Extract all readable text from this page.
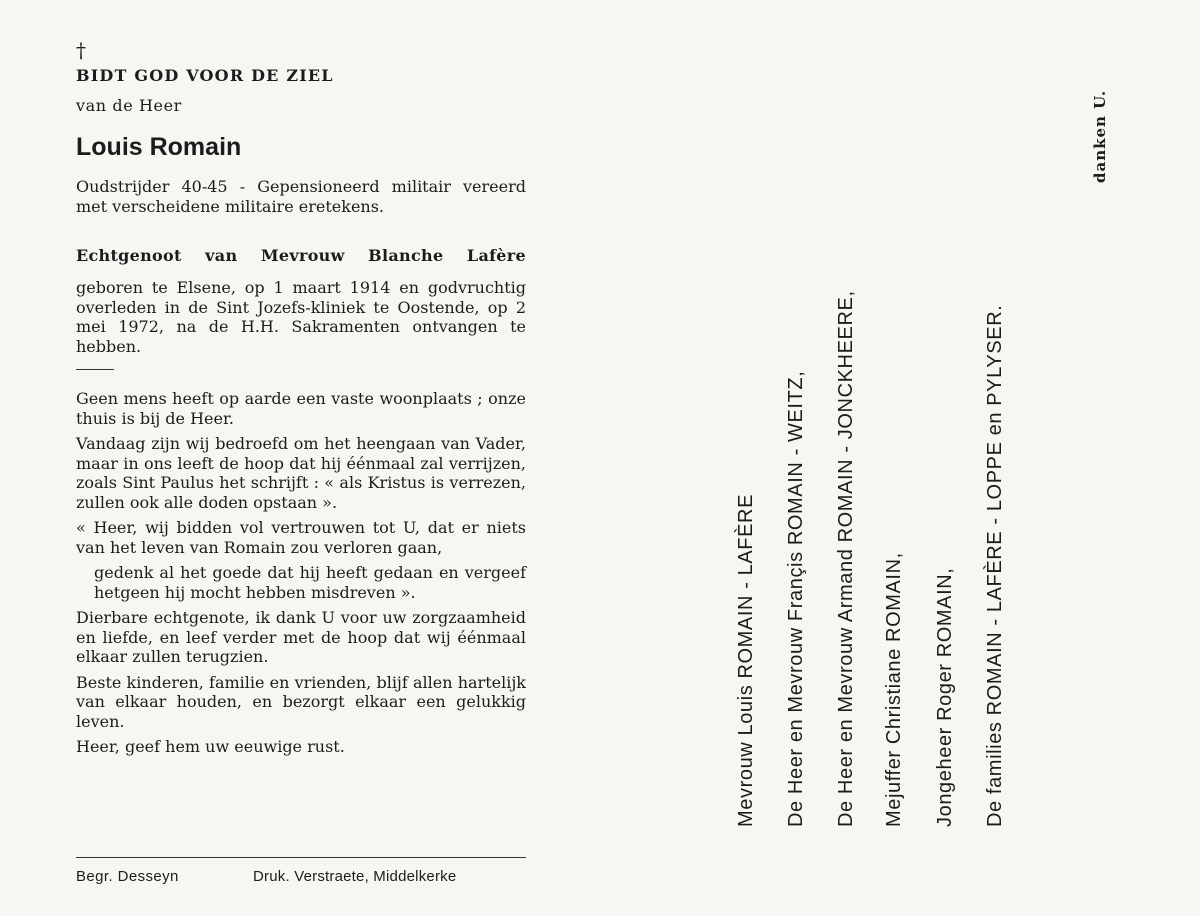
†
BIDT GOD VOOR DE ZIEL
van de Heer
Louis Romain

Oudstrijder 40-45 - Gepensioneerd militair vereerd met verscheidene militaire eretekens.

Echtgenoot van Mevrouw Blanche Lafère

geboren te Elsene, op 1 maart 1914 en godvruchtig overleden in de Sint Jozefs-kliniek te Oostende, op 2 mei 1972, na de H.H. Sakramenten ontvangen te hebben.

Geen mens heeft op aarde een vaste woonplaats ; onze thuis is bij de Heer.

Vandaag zijn wij bedroefd om het heengaan van Vader, maar in ons leeft de hoop dat hij éénmaal zal verrijzen, zoals Sint Paulus het schrijft : « als Kristus is verrezen, zullen ook alle doden opstaan ».

« Heer, wij bidden vol vertrouwen tot U, dat er niets van het leven van Romain zou verloren gaan,

gedenk al het goede dat hij heeft gedaan en vergeef hetgeen hij mocht hebben misdreven ».

Dierbare echtgenote, ik dank U voor uw zorgzaamheid en liefde, en leef verder met de hoop dat wij éénmaal elkaar zullen terugzien.

Beste kinderen, familie en vrienden, blijf allen hartelijk van elkaar houden, en bezorgt elkaar een gelukkig leven.

Heer, geef hem uw eeuwige rust.

Begr. Desseyn	Druk. Verstraete, Middelkerke
Mevrouw Louis ROMAIN - LAFÈRE De Heer en Mevrouw Françis ROMAIN - WEITZ, De Heer en Mevrouw Armand ROMAIN - JONCKHEERE, Mejuffer Christiane ROMAIN, Jongeheer Roger ROMAIN, De families ROMAIN - LAFÈRE - LOPPE en PYLYSER.
danken U.
